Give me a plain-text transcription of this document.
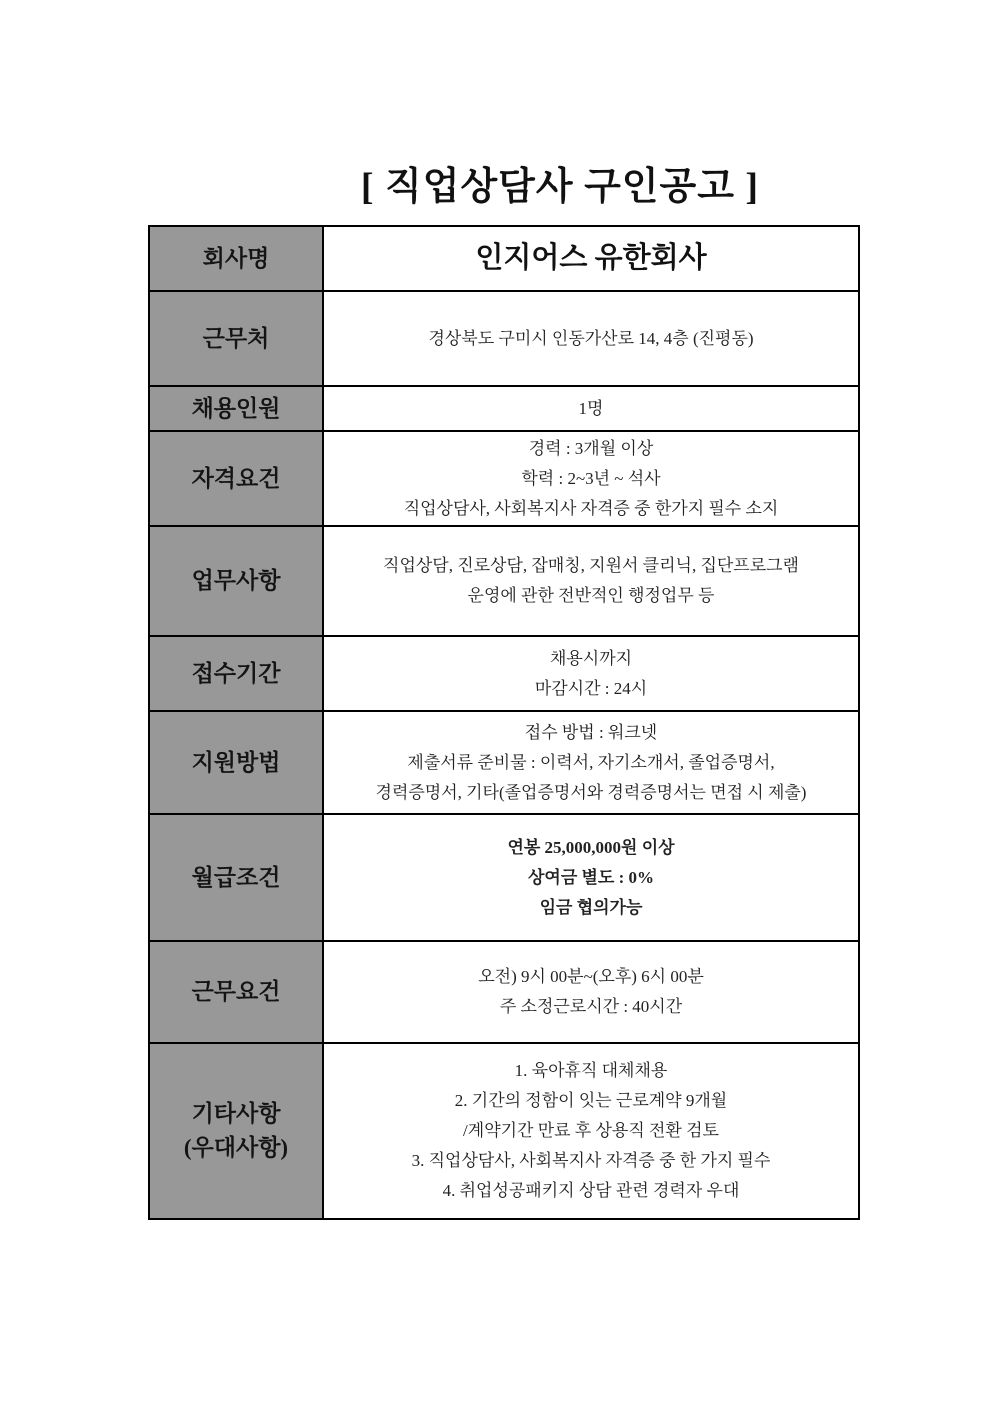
[ 직업상담사 구인공고 ]
회사명	인지어스 유한회사
근무처	경상북도 구미시 인동가산로 14, 4층 (진평동)

채용인원	1명

자격요건	경력 : 3개월 이상
학력 : 2~3년 ~ 석사
직업상담사, 사회복지사 자격증 중 한가지 필수 소지

업무사항	직업상담, 진로상담, 잡매칭, 지원서 클리닉, 집단프로그램
운영에 관한 전반적인 행정업무 등

접수기간	채용시까지
마감시간 : 24시

지원방법	접수 방법 : 워크넷
제출서류 준비물 : 이력서, 자기소개서, 졸업증명서,
경력증명서, 기타(졸업증명서와 경력증명서는 면접 시 제출)

월급조건	연봉 25,000,000원 이상
상여금 별도 : 0%
임금 협의가능

근무요건	오전) 9시 00분~(오후) 6시 00분
주 소정근로시간 : 40시간

기타사항
(우대사항)	1. 육아휴직 대체채용
2. 기간의 정함이 잇는 근로계약 9개월
/계약기간 만료 후 상용직 전환 검토
3. 직업상담사, 사회복지사 자격증 중 한 가지 필수
4. 취업성공패키지 상담 관련 경력자 우대
